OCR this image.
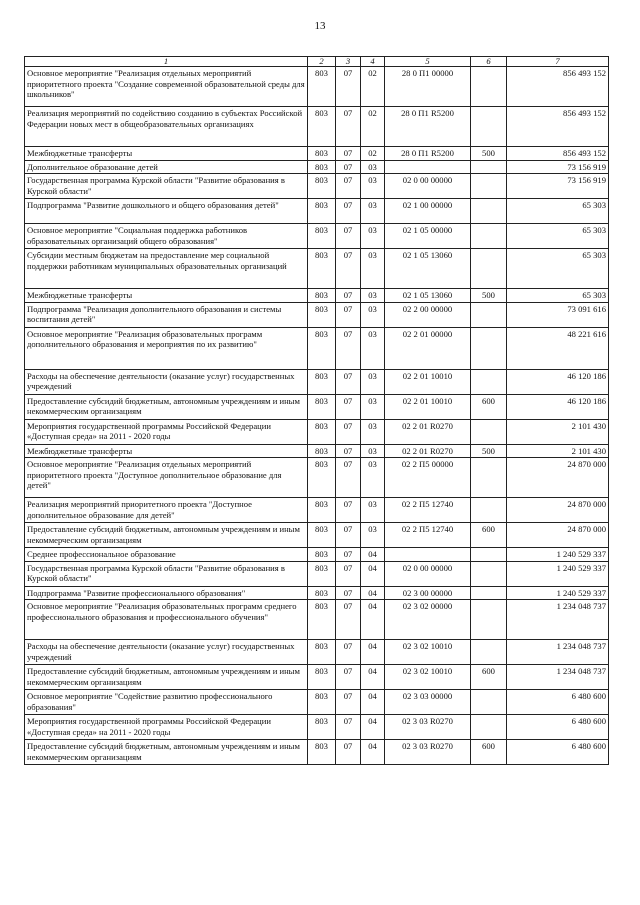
13
1	2	3	4	5	6	7
Основное мероприятие "Реализация отдельных мероприятий приоритетного проекта "Создание современной образовательной среды для школьников"	803	07	02	28 0 П1 00000		856 493 152
Реализация мероприятий по содействию созданию в субъектах Российской Федерации новых мест в общеобразовательных организациях	803	07	02	28 0 П1 R5200		856 493 152
Межбюджетные трансферты	803	07	02	28 0 П1 R5200	500	856 493 152
Дополнительное образование детей	803	07	03			73 156 919
Государственная программа Курской области "Развитие образования в Курской области"	803	07	03	02 0 00 00000		73 156 919
Подпрограмма "Развитие дошкольного и общего образования детей"	803	07	03	02 1 00 00000		65 303
Основное мероприятие "Социальная поддержка работников образовательных организаций общего образования"	803	07	03	02 1 05 00000		65 303
Субсидии местным бюджетам на предоставление мер социальной поддержки работникам муниципальных образовательных организаций	803	07	03	02 1 05 13060		65 303
Межбюджетные трансферты	803	07	03	02 1 05 13060	500	65 303
Подпрограмма "Реализация дополнительного образования и системы воспитания детей"	803	07	03	02 2 00 00000		73 091 616
Основное мероприятие "Реализация образовательных программ дополнительного образования и мероприятия по их развитию"	803	07	03	02 2 01 00000		48 221 616
Расходы на обеспечение деятельности (оказание услуг) государственных учреждений	803	07	03	02 2 01 10010		46 120 186
Предоставление субсидий бюджетным, автономным учреждениям и иным некоммерческим организациям	803	07	03	02 2 01 10010	600	46 120 186
Мероприятия государственной программы Российской Федерации «Доступная среда» на 2011 - 2020 годы	803	07	03	02 2 01 R0270		2 101 430
Межбюджетные трансферты	803	07	03	02 2 01 R0270	500	2 101 430
Основное мероприятие "Реализация отдельных мероприятий приоритетного проекта "Доступное дополнительное образование для детей"	803	07	03	02 2 П5 00000		24 870 000
Реализация мероприятий приоритетного проекта "Доступное дополнительное образование для детей"	803	07	03	02 2 П5 12740		24 870 000
Предоставление субсидий бюджетным, автономным учреждениям и иным некоммерческим организациям	803	07	03	02 2 П5 12740	600	24 870 000
Среднее профессиональное образование	803	07	04			1 240 529 337
Государственная программа Курской области "Развитие образования в Курской области"	803	07	04	02 0 00 00000		1 240 529 337
Подпрограмма "Развитие профессионального образования"	803	07	04	02 3 00 00000		1 240 529 337
Основное мероприятие "Реализация образовательных программ среднего профессионального образования и профессионального обучения"	803	07	04	02 3 02 00000		1 234 048 737
Расходы на обеспечение деятельности (оказание услуг) государственных учреждений	803	07	04	02 3 02 10010		1 234 048 737
Предоставление субсидий бюджетным, автономным учреждениям и иным некоммерческим организациям	803	07	04	02 3 02 10010	600	1 234 048 737
Основное мероприятие "Содействие развитию профессионального образования"	803	07	04	02 3 03 00000		6 480 600
Мероприятия государственной программы Российской Федерации «Доступная среда» на 2011 - 2020 годы	803	07	04	02 3 03 R0270		6 480 600
Предоставление субсидий бюджетным, автономным учреждениям и иным некоммерческим организациям	803	07	04	02 3 03 R0270	600	6 480 600
